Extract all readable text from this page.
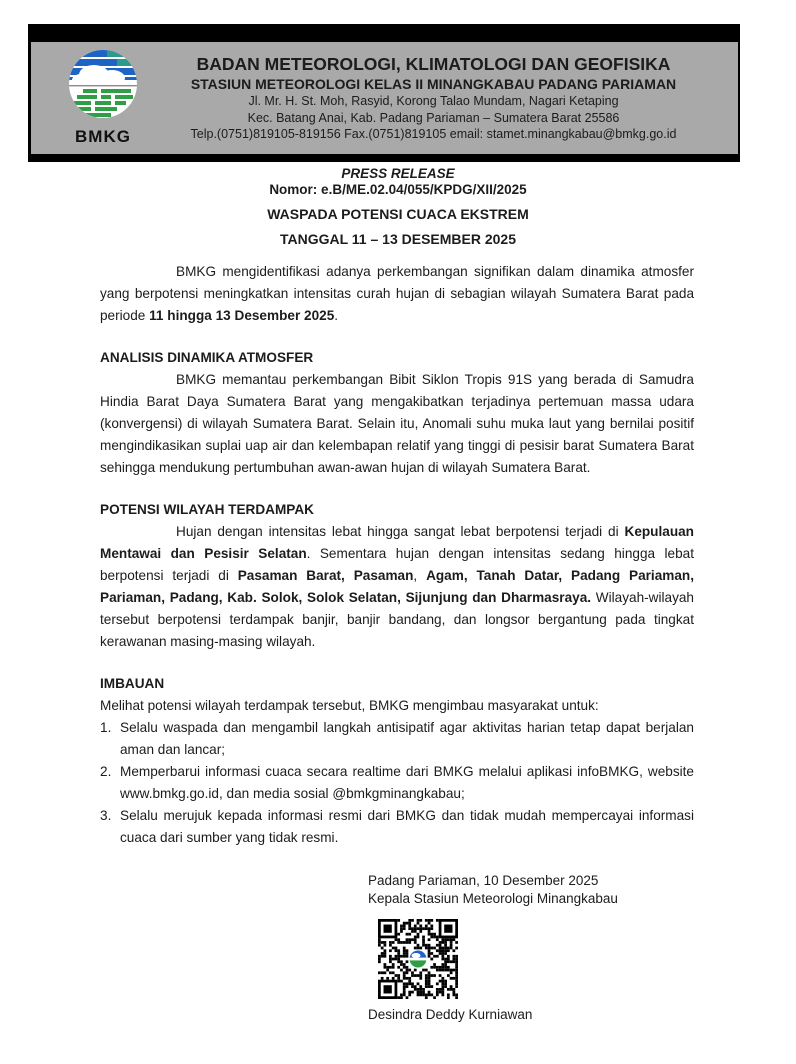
BMKG
BADAN METEOROLOGI, KLIMATOLOGI DAN GEOFISIKA
STASIUN METEOROLOGI KELAS II MINANGKABAU PADANG PARIAMAN
Jl. Mr. H. St. Moh, Rasyid, Korong Talao Mundam, Nagari Ketaping
Kec. Batang Anai, Kab. Padang Pariaman – Sumatera Barat 25586
Telp.(0751)819105-819156 Fax.(0751)819105 email: stamet.minangkabau@bmkg.go.id
PRESS RELEASE
Nomor: e.B/ME.02.04/055/KPDG/XII/2025
WASPADA POTENSI CUACA EKSTREM
TANGGAL 11 – 13 DESEMBER 2025

BMKG mengidentifikasi adanya perkembangan signifikan dalam dinamika atmosfer yang berpotensi meningkatkan intensitas curah hujan di sebagian wilayah Sumatera Barat pada periode 11 hingga 13 Desember 2025.

ANALISIS DINAMIKA ATMOSFER

BMKG memantau perkembangan Bibit Siklon Tropis 91S yang berada di Samudra Hindia Barat Daya Sumatera Barat yang mengakibatkan terjadinya pertemuan massa udara (konvergensi) di wilayah Sumatera Barat. Selain itu, Anomali suhu muka laut yang bernilai positif mengindikasikan suplai uap air dan kelembapan relatif yang tinggi di pesisir barat Sumatera Barat sehingga mendukung pertumbuhan awan-awan hujan di wilayah Sumatera Barat.

POTENSI WILAYAH TERDAMPAK

Hujan dengan intensitas lebat hingga sangat lebat berpotensi terjadi di Kepulauan Mentawai dan Pesisir Selatan. Sementara hujan dengan intensitas sedang hingga lebat berpotensi terjadi di Pasaman Barat, Pasaman, Agam, Tanah Datar, Padang Pariaman, Pariaman, Padang, Kab. Solok, Solok Selatan, Sijunjung dan Dharmasraya. Wilayah-wilayah tersebut berpotensi terdampak banjir, banjir bandang, dan longsor bergantung pada tingkat kerawanan masing-masing wilayah.

IMBAUAN

Melihat potensi wilayah terdampak tersebut, BMKG mengimbau masyarakat untuk:

Selalu waspada dan mengambil langkah antisipatif agar aktivitas harian tetap dapat berjalan aman dan lancar;
Memperbarui informasi cuaca secara realtime dari BMKG melalui aplikasi infoBMKG, website www.bmkg.go.id, dan media sosial @bmkgminangkabau;
Selalu merujuk kepada informasi resmi dari BMKG dan tidak mudah mempercayai informasi cuaca dari sumber yang tidak resmi.
Padang Pariaman, 10 Desember 2025
Kepala Stasiun Meteorologi Minangkabau
Desindra Deddy Kurniawan
